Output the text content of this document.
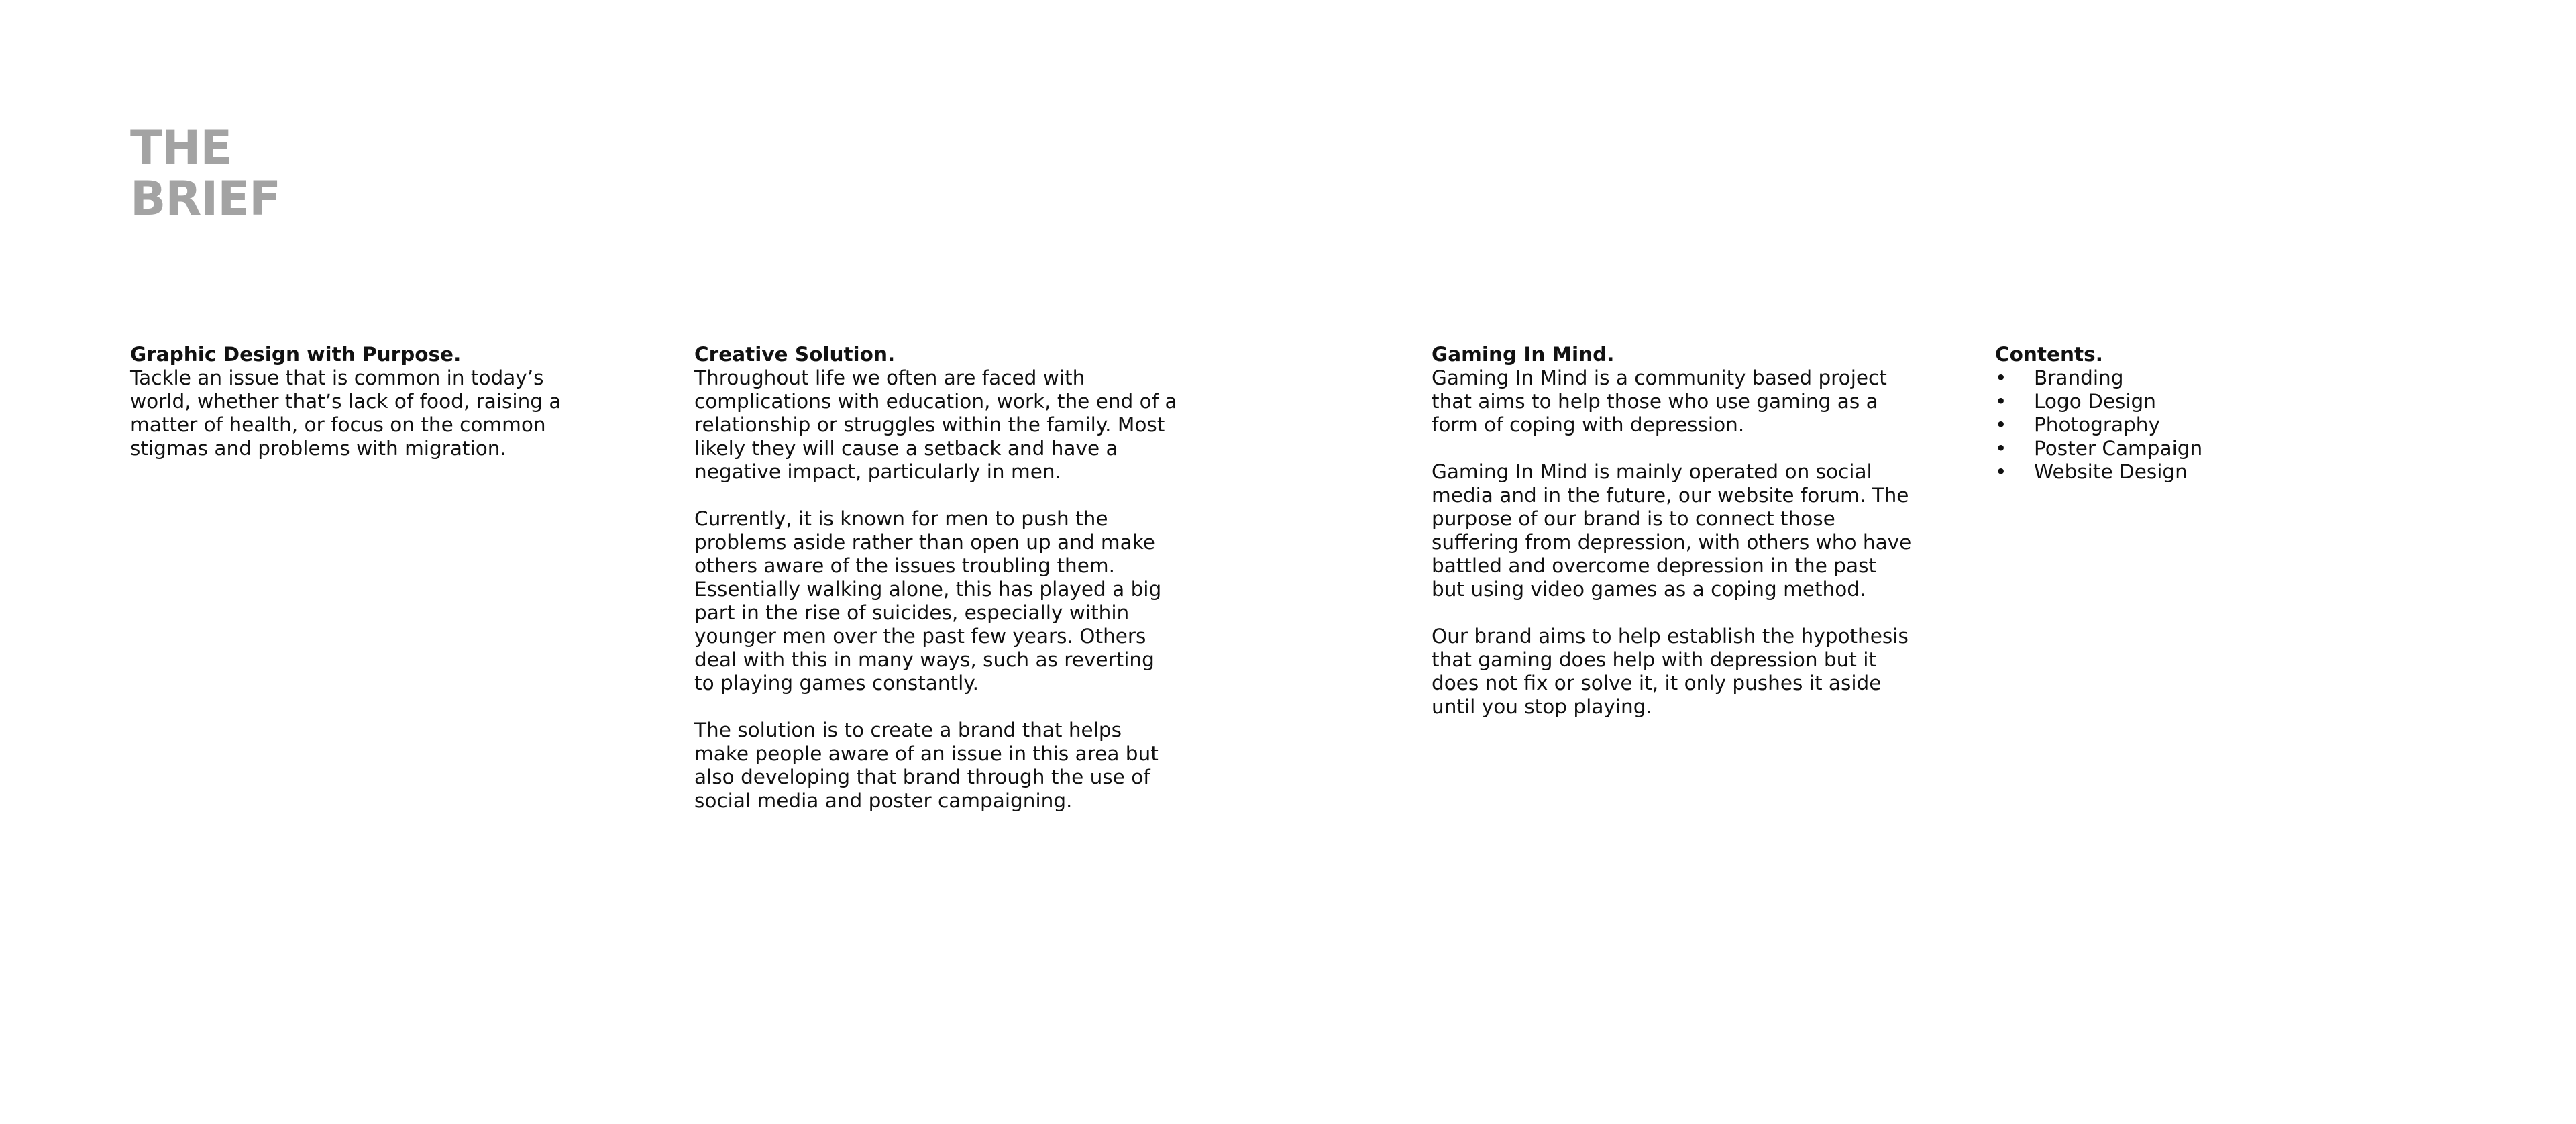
THE
BRIEF
Graphic Design with Purpose.

Tackle an issue that is common in today’s world, whether that’s lack of food, raising a matter of health, or focus on the common stigmas and problems with migration.

Creative Solution.

Throughout life we often are faced with complications with education, work, the end of a relationship or struggles within the family. Most likely they will cause a setback and have a negative impact, particularly in men.

Currently, it is known for men to push the problems aside rather than open up and make others aware of the issues troubling them. Essentially walking alone, this has played a big part in the rise of suicides, especially within younger men over the past few years. Others deal with this in many ways, such as reverting to playing games constantly.

The solution is to create a brand that helps make people aware of an issue in this area but also developing that brand through the use of social media and poster campaigning.

Gaming In Mind.

Gaming In Mind is a community based project that aims to help those who use gaming as a form of coping with depression.

Gaming In Mind is mainly operated on social media and in the future, our website forum. The purpose of our brand is to connect those suffering from depression, with others who have battled and overcome depression in the past but using video games as a coping method.

Our brand aims to help establish the hypothesis that gaming does help with depression but it does not fix or solve it, it only pushes it aside until you stop playing.

Contents.
• Branding
• Logo Design
• Photography
• Poster Campaign
• Website Design
